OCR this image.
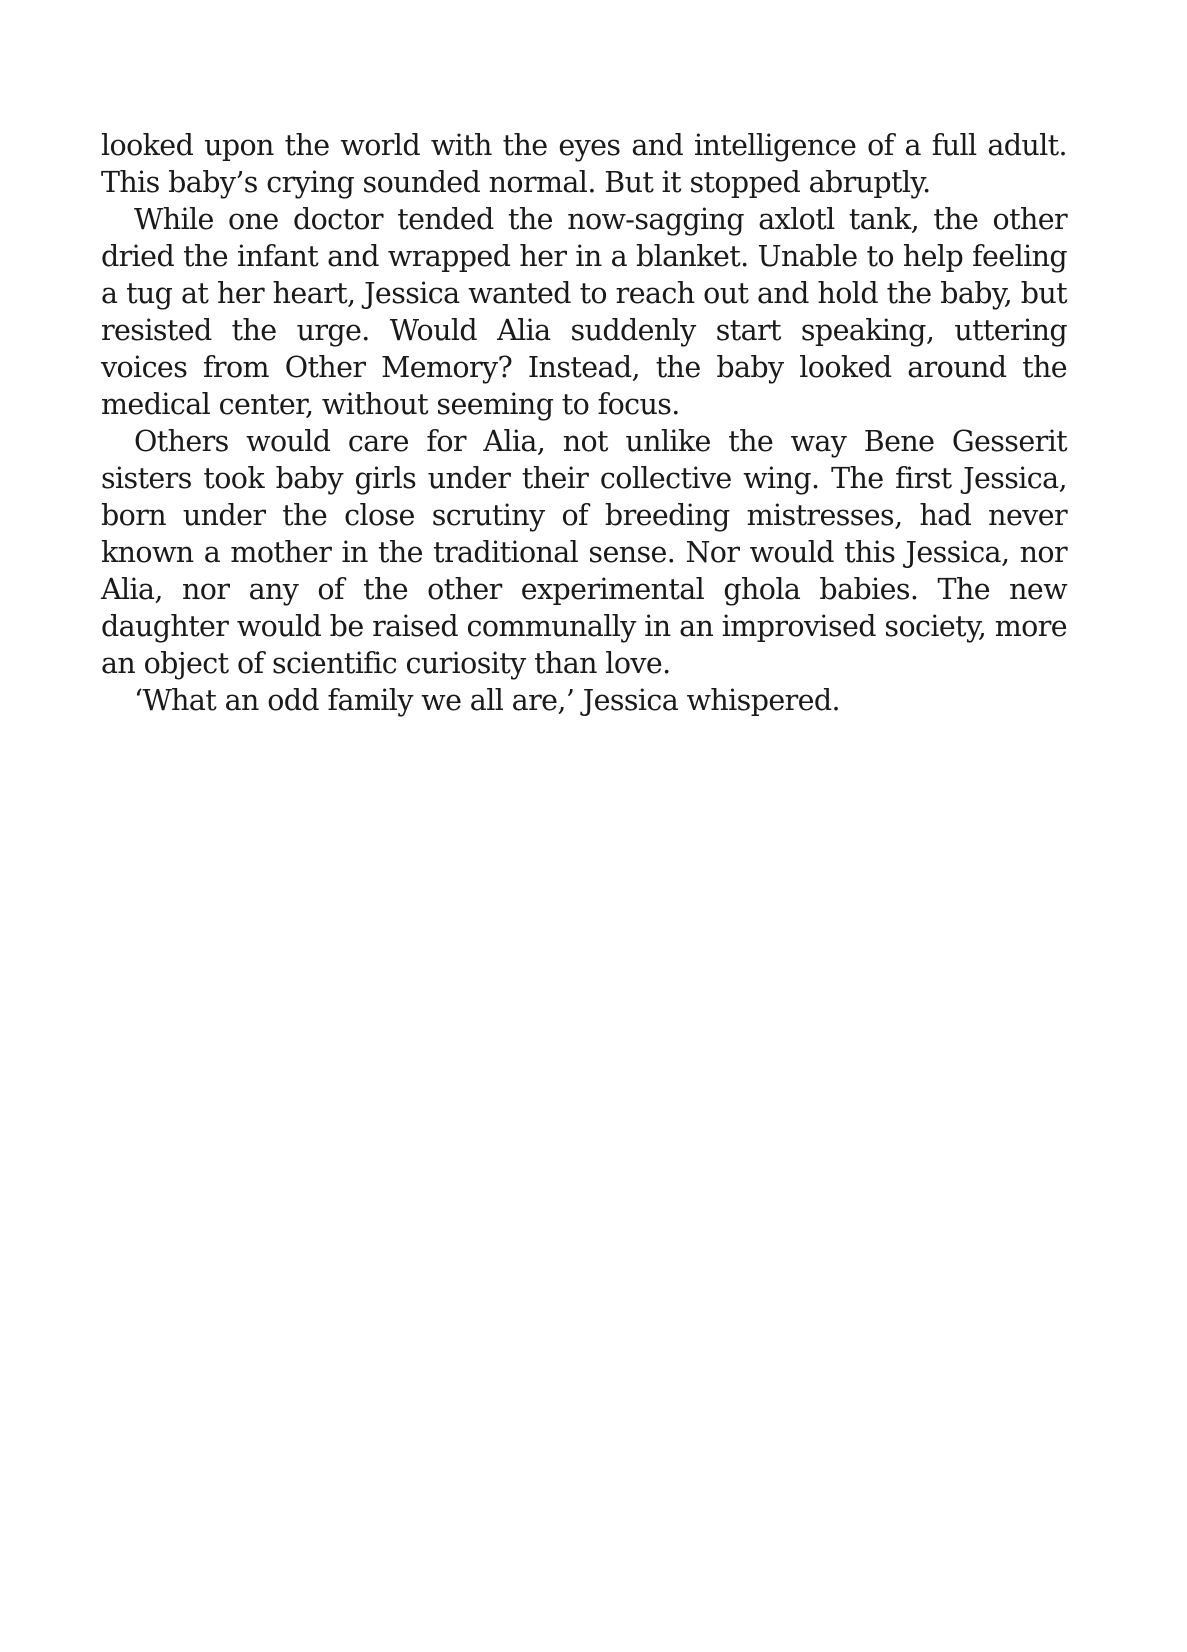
looked upon the world with the eyes and intelligence of a full adult. This baby’s crying sounded normal. But it stopped abruptly.

While one doctor tended the now-sagging axlotl tank, the other dried the infant and wrapped her in a blanket. Unable to help feeling a tug at her heart, Jessica wanted to reach out and hold the baby, but resisted the urge. Would Alia suddenly start speaking, uttering voices from Other Memory? Instead, the baby looked around the medical center, without seeming to focus.

Others would care for Alia, not unlike the way Bene Gesserit sisters took baby girls under their collective wing. The first Jessica, born under the close scrutiny of breeding mistresses, had never known a mother in the traditional sense. Nor would this Jessica, nor Alia, nor any of the other experimental ghola babies. The new daughter would be raised communally in an improvised society, more an object of scientific curiosity than love.

‘What an odd family we all are,’ Jessica whispered.
